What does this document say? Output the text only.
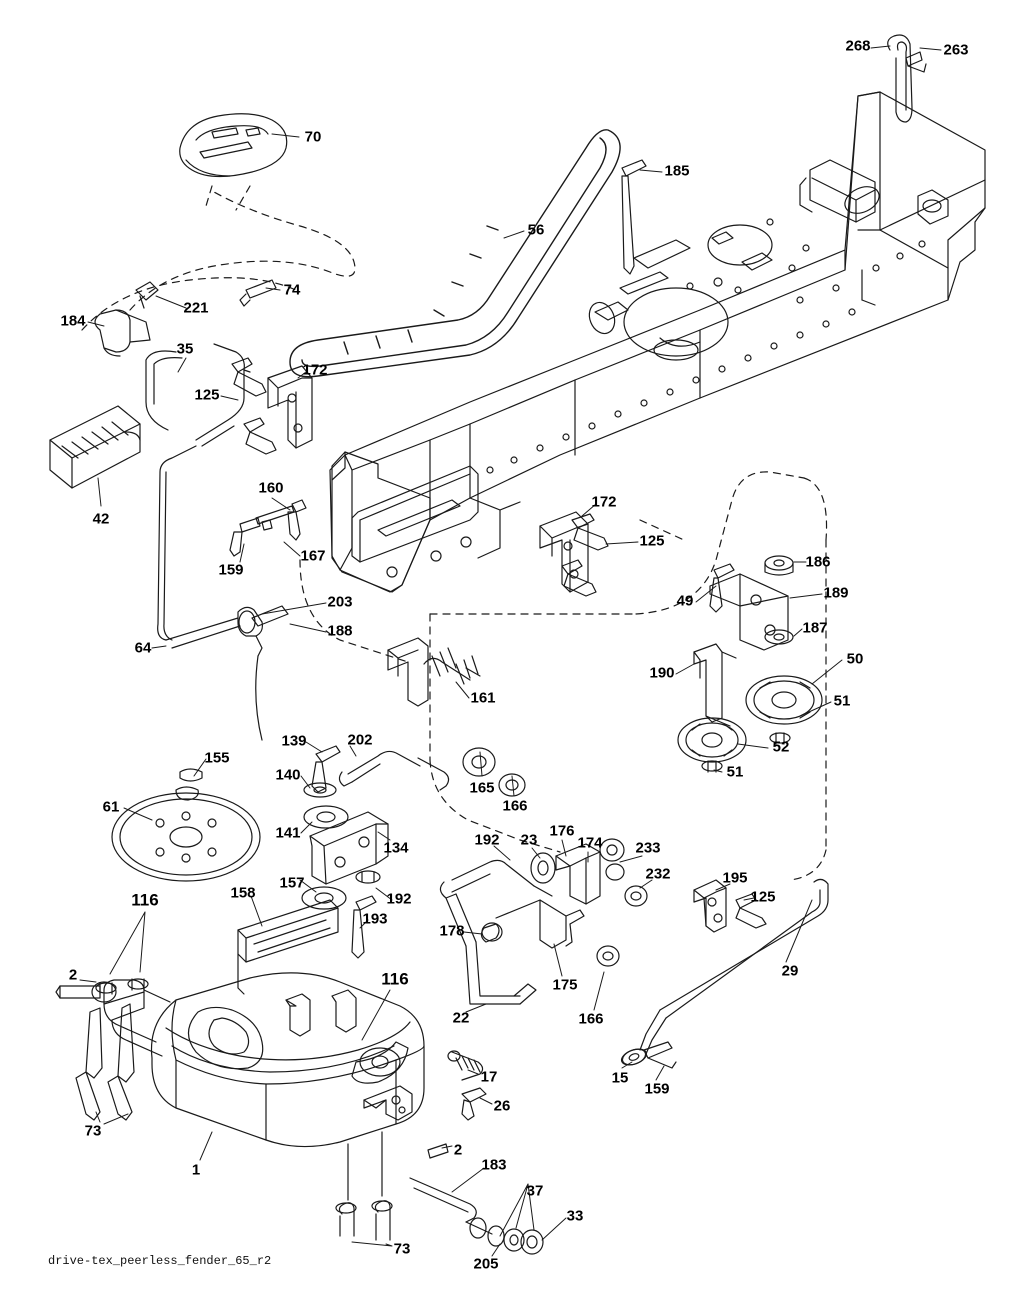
268	263
70
185
56
221
74
184
35
172
125
42
160
167
159
172
125
186
189
49
187
203
188
64
190
50
51
52
51
161
155
139	202
140
165
166
61
141
134	174
176
23
192	233
232	195
125
157
158	192
193
116
178
175
166
29
2	116
22
17	15
159
26
73
2
1	183
37
33
73
205
drive-tex_peerless_fender_65_r2
